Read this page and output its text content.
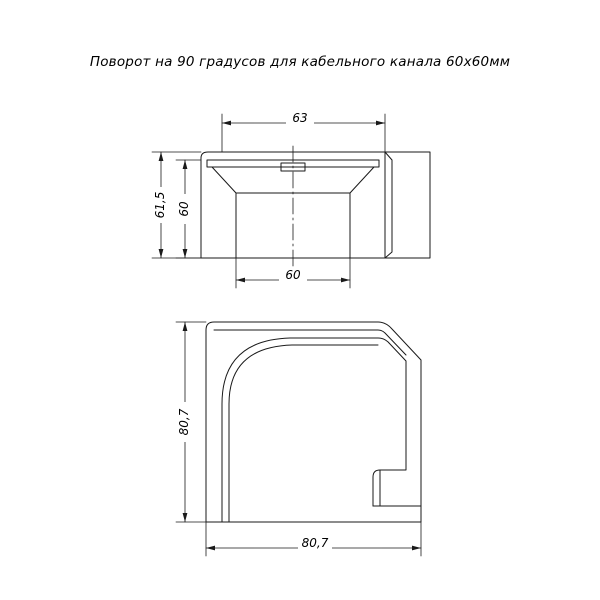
Поворот на 90 градусов для кабельного канала 60х60мм
63
60
61,5 60
80,7
80,7
